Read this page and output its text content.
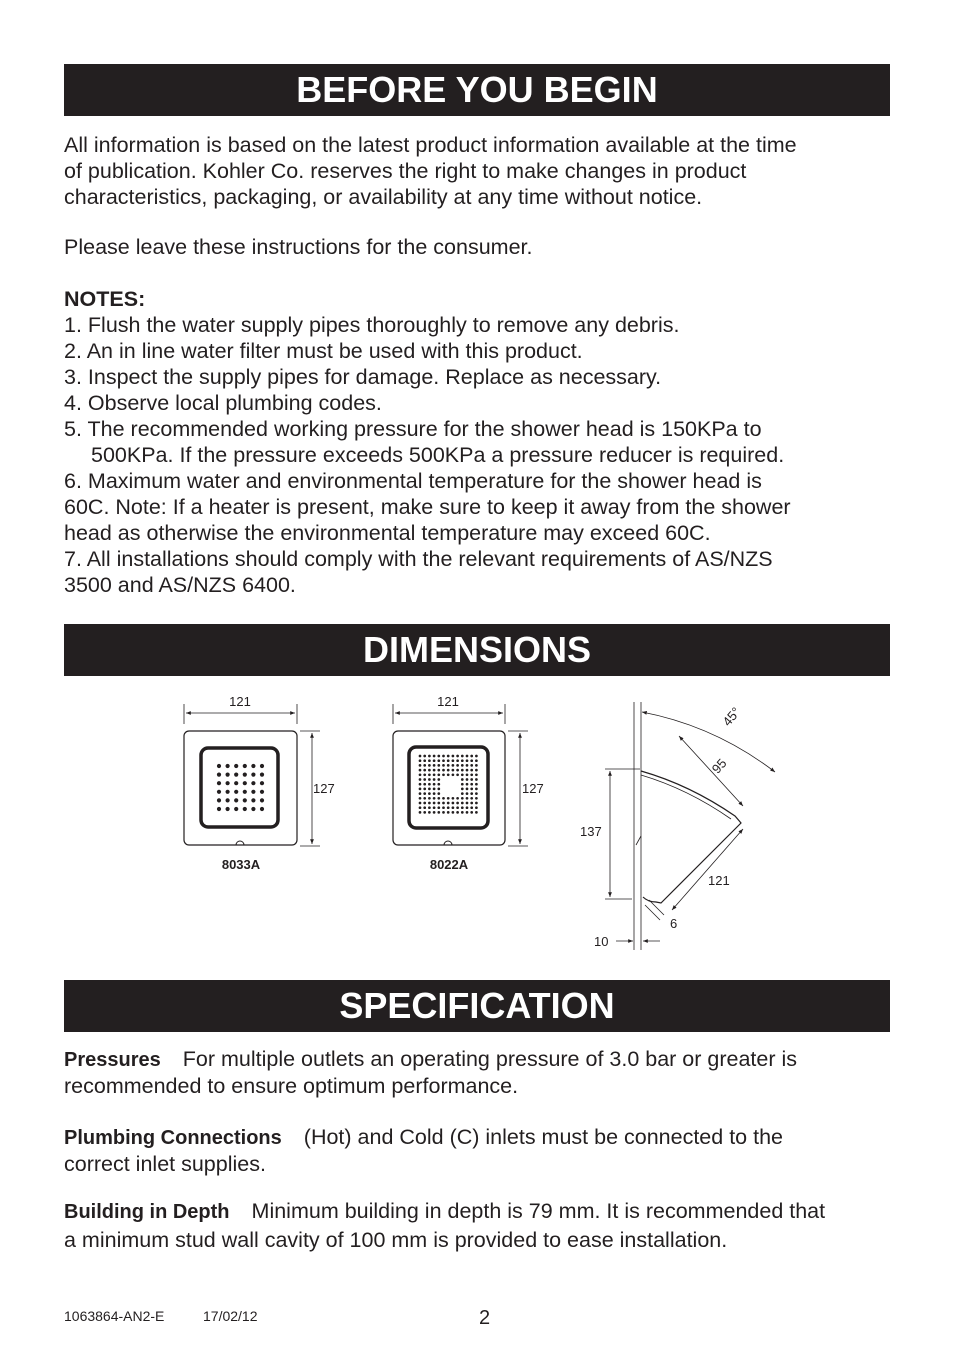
BEFORE YOU BEGIN
All information is based on the latest product information available at the time
of publication. Kohler Co. reserves the right to make changes in product
characteristics, packaging, or availability at any time without notice.
Please leave these instructions for the consumer.
NOTES:
1. Flush the water supply pipes thoroughly to remove any debris.
2. An in line water filter must be used with this product.
3. Inspect the supply pipes for damage. Replace as necessary.
4. Observe local plumbing codes.
5. The recommended working pressure for the shower head is 150KPa to
500KPa. If the pressure exceeds 500KPa a pressure reducer is required.
6. Maximum water and environmental temperature for the shower head is
60C. Note: If a heater is present, make sure to keep it away from the shower
head as otherwise the environmental temperature may exceed 60C.
7. All installations should comply with the relevant requirements of AS/NZS
3500 and AS/NZS 6400.
DIMENSIONS
121
127
8033A
121
127
8022A
45°
95
137
121
6
10
SPECIFICATION
Pressures For multiple outlets an operating pressure of 3.0 bar or greater is
recommended to ensure optimum performance.
Plumbing Connections (Hot) and Cold (C) inlets must be connected to the
correct inlet supplies.
Building in Depth Minimum building in depth is 79 mm. It is recommended that
a minimum stud wall cavity of 100 mm is provided to ease installation.
1063864-AN2-E	17/02/12	2
